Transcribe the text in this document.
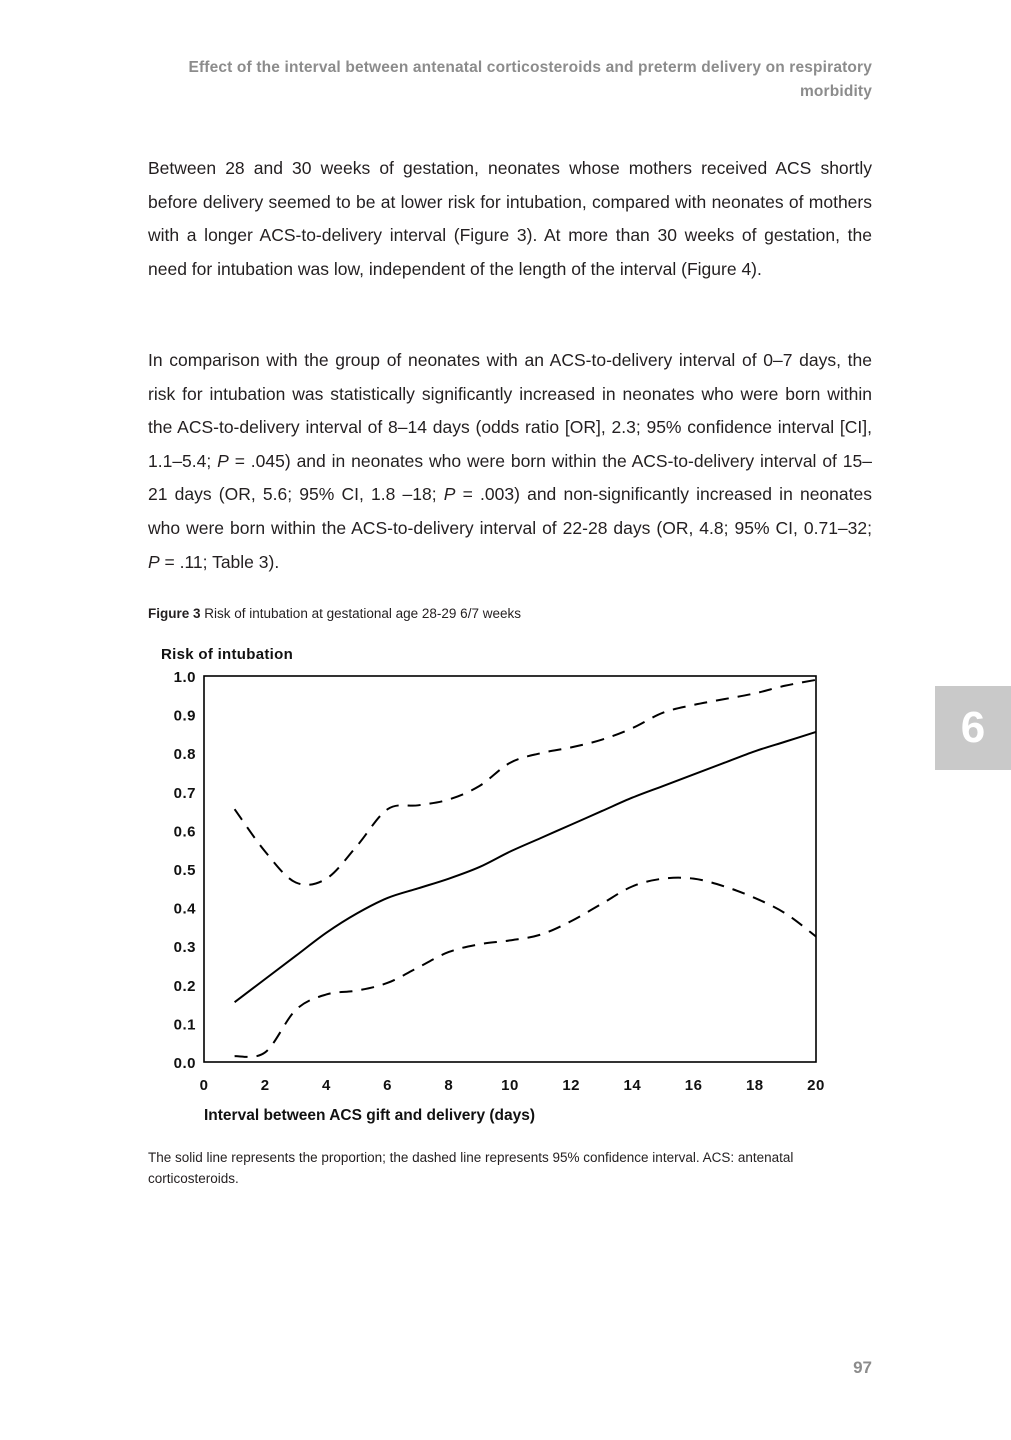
Effect of the interval between antenatal corticosteroids and preterm delivery on respiratory morbidity

Between 28 and 30 weeks of gestation, neonates whose mothers received ACS shortly before delivery seemed to be at lower risk for intubation, compared with neonates of mothers with a longer ACS-to-delivery interval (Figure 3). At more than 30 weeks of gestation, the need for intubation was low, independent of the length of the interval (Figure 4).

In comparison with the group of neonates with an ACS-to-delivery interval of 0–7 days, the risk for intubation was statistically significantly increased in neonates who were born within the ACS-to-delivery interval of 8–14 days (odds ratio [OR], 2.3; 95% confidence interval [CI], 1.1–5.4; P = .045) and in neonates who were born within the ACS-to-delivery interval of 15–21 days (OR, 5.6; 95% CI, 1.8 –18; P = .003) and non-significantly increased in neonates who were born within the ACS-to-delivery interval of 22-28 days (OR, 4.8; 95% CI, 0.71–32; P = .11; Table 3).

Figure 3 Risk of intubation at gestational age 28-29 6/7 weeks
Risk of intubation
1.0
0.9
0.8
0.7
0.6
0.5
0.4
0.3
0.2
0.1
0.0
0	2	4	6	8	10	12	14	16	18	20
Interval between ACS gift and delivery (days)
The solid line represents the proportion; the dashed line represents 95% confidence interval. ACS: antenatal corticosteroids.
6
97
